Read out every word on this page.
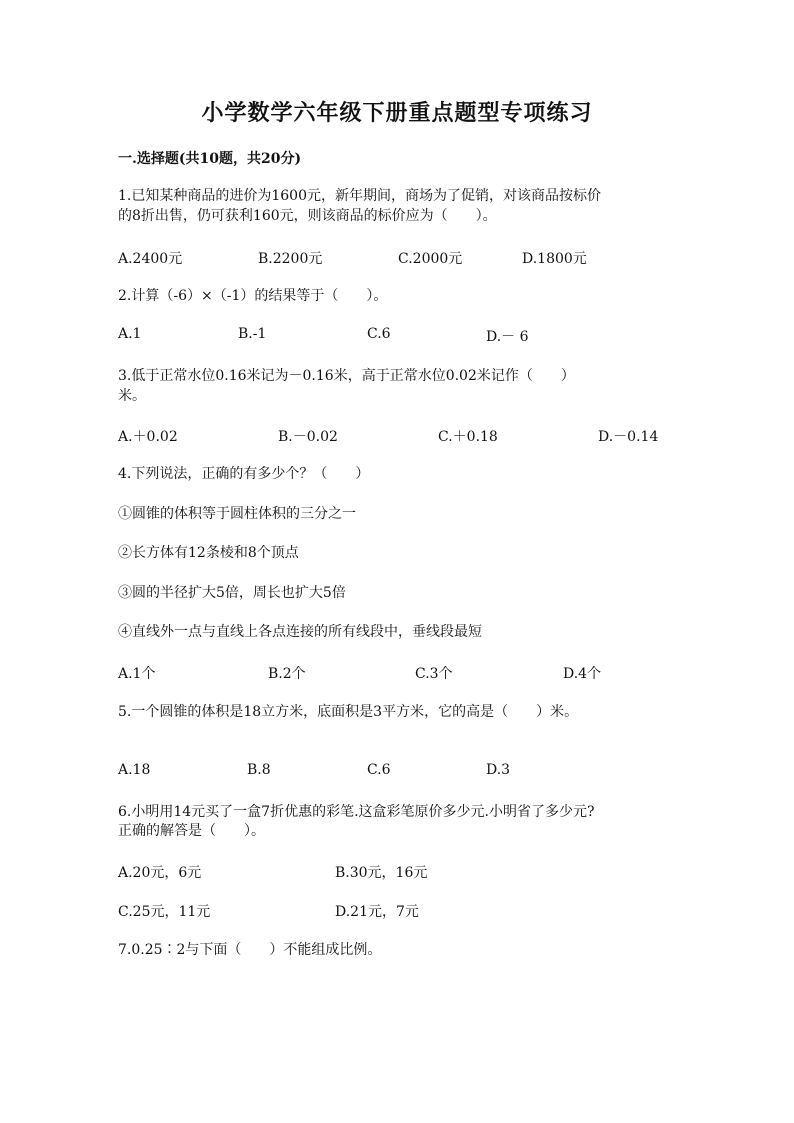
小学数学六年级下册重点题型专项练习
一.选择题(共10题，共20分)
1.已知某种商品的进价为1600元，新年期间，商场为了促销，对该商品按标价
的8折出售，仍可获利160元，则该商品的标价应为（　　）。
A.2400元	B.2200元	C.2000元	D.1800元
2.计算（-6）×（-1）的结果等于（　　）。
A.1	B.-1	C.6	D.－ 6
3.低于正常水位0.16米记为－0.16米，高于正常水位0.02米记作（　　）
米。
A.＋0.02	B.－0.02	C.＋0.18	D.－0.14
4.下列说法，正确的有多少个？（　　）
①圆锥的体积等于圆柱体积的三分之一
②长方体有12条棱和8个顶点
③圆的半径扩大5倍，周长也扩大5倍
④直线外一点与直线上各点连接的所有线段中，垂线段最短
A.1个	B.2个	C.3个	D.4个
5.一个圆锥的体积是18立方米，底面积是3平方米，它的高是（　　）米。
A.18	B.8	C.6	D.3
6.小明用14元买了一盒7折优惠的彩笔.这盒彩笔原价多少元.小明省了多少元?
正确的解答是（　　）。
A.20元，6元	B.30元，16元
C.25元，11元	D.21元，7元
7.0.25∶2与下面（　　）不能组成比例。
